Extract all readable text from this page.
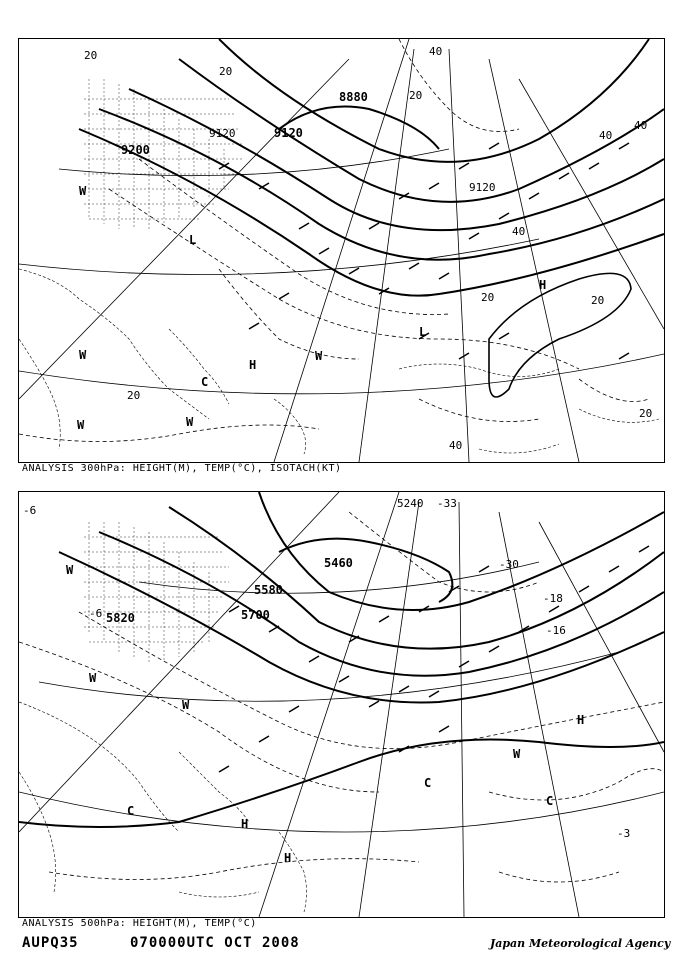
9120
8880
9200
9120
9120
40
40
20
40
40
20	20
20
20
40
20
20
H
H
L
L
C
W
W	W
W	W
ANALYSIS 300hPa: HEIGHT(M), TEMP(°C), ISOTACH(KT)
5460
5580
5700
5820
5240
-6
-30
-18
-16
-33
-3
-6
H
H
H
C
C
C
W
W
W
W
ANALYSIS 500hPa: HEIGHT(M), TEMP(°C)
AUPQ35	070000UTC OCT 2008	Japan Meteorological Agency
